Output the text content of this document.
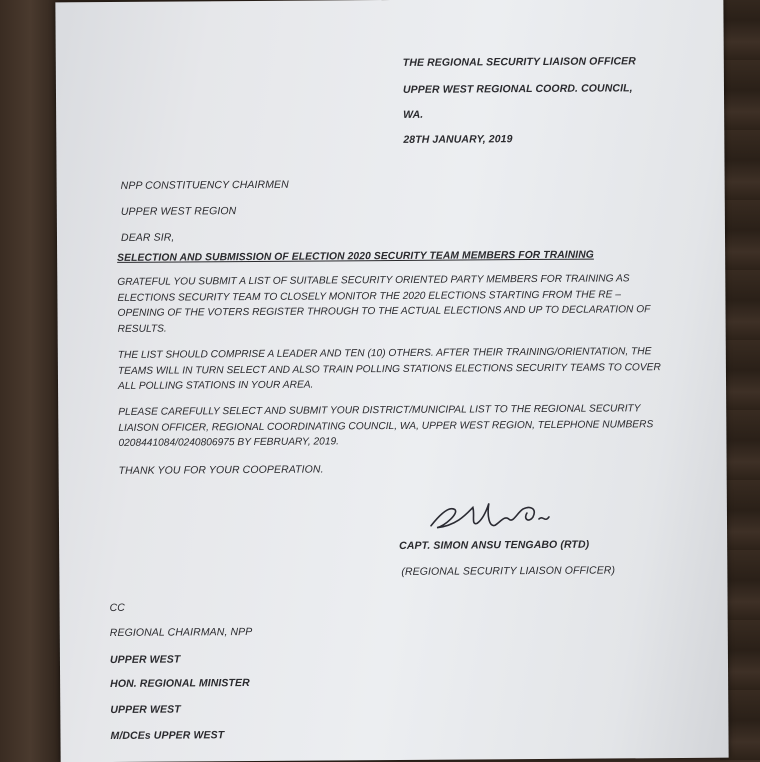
THE REGIONAL SECURITY LIAISON OFFICER
UPPER WEST REGIONAL COORD. COUNCIL,
WA.
28TH JANUARY, 2019
NPP CONSTITUENCY CHAIRMEN
UPPER WEST REGION
DEAR SIR,
SELECTION AND SUBMISSION OF ELECTION 2020 SECURITY TEAM MEMBERS FOR TRAINING
GRATEFUL YOU SUBMIT A LIST OF SUITABLE SECURITY ORIENTED PARTY MEMBERS FOR TRAINING AS
ELECTIONS SECURITY TEAM TO CLOSELY MONITOR THE 2020 ELECTIONS STARTING FROM THE RE –
OPENING OF THE VOTERS REGISTER THROUGH TO THE ACTUAL ELECTIONS AND UP TO DECLARATION OF
RESULTS.
THE LIST SHOULD COMPRISE A LEADER AND TEN (10) OTHERS. AFTER THEIR TRAINING/ORIENTATION, THE
TEAMS WILL IN TURN SELECT AND ALSO TRAIN POLLING STATIONS ELECTIONS SECURITY TEAMS TO COVER
ALL POLLING STATIONS IN YOUR AREA.
PLEASE CAREFULLY SELECT AND SUBMIT YOUR DISTRICT/MUNICIPAL LIST TO THE REGIONAL SECURITY
LIAISON OFFICER, REGIONAL COORDINATING COUNCIL, WA, UPPER WEST REGION, TELEPHONE NUMBERS
0208441084/0240806975 BY FEBRUARY, 2019.
THANK YOU FOR YOUR COOPERATION.
CAPT. SIMON ANSU TENGABO (RTD)
(REGIONAL SECURITY LIAISON OFFICER)
CC
REGIONAL CHAIRMAN, NPP
UPPER WEST
HON. REGIONAL MINISTER
UPPER WEST
M/DCEs UPPER WEST
